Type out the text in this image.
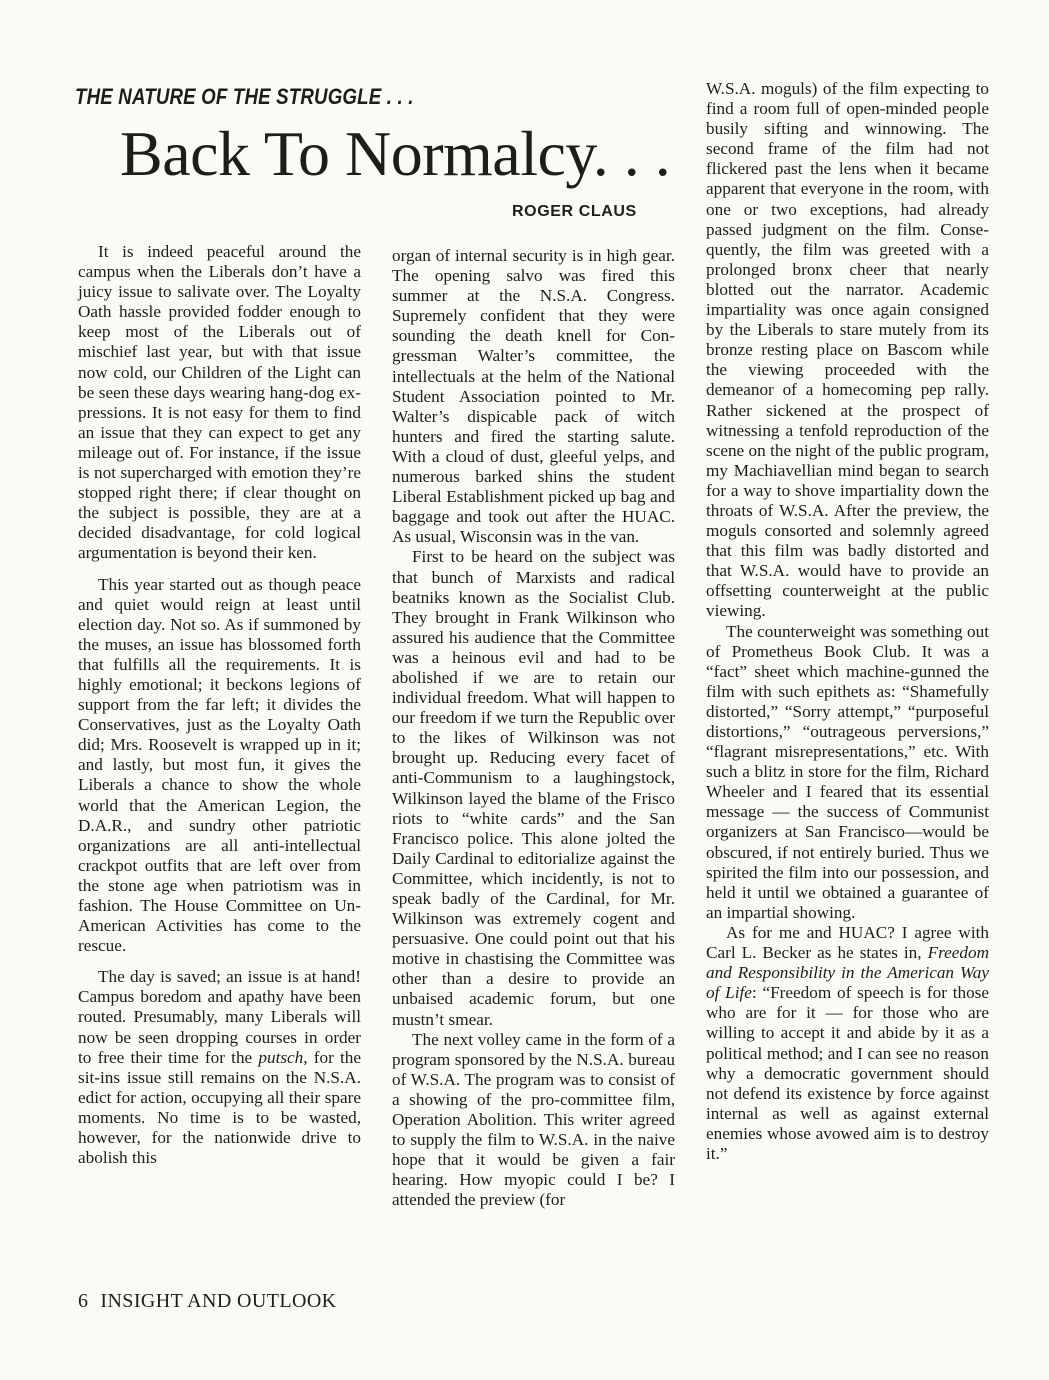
THE NATURE OF THE STRUGGLE . . .
Back To Normalcy. . .
ROGER CLAUS

It is indeed peaceful around the campus when the Liberals don’t have a juicy issue to salivate over. The Loyalty Oath hassle provided fodder enough to keep most of the Liberals out of mischief last year, but with that issue now cold, our Children of the Light can be seen these days wearing hang-dog expressions. It is not easy for them to find an issue that they can expect to get any mileage out of. For instance, if the issue is not supercharged with emotion they’re stopped right there; if clear thought on the subject is possible, they are at a decided disadvantage, for cold logical argumentation is beyond their ken.

This year started out as though peace and quiet would reign at least until election day. Not so. As if summoned by the muses, an issue has blossomed forth that fulfills all the requirements. It is highly emotional; it beckons legions of support from the far left; it divides the Conservatives, just as the Loyalty Oath did; Mrs. Roosevelt is wrapped up in it; and lastly, but most fun, it gives the Liberals a chance to show the whole world that the American Legion, the D.A.R., and sundry other patriotic organizations are all anti-intellectual crackpot outfits that are left over from the stone age when patriotism was in fashion. The House Committee on Un-American Activities has come to the rescue.

The day is saved; an issue is at hand! Campus boredom and apathy have been routed. Presumably, many Liberals will now be seen dropping courses in order to free their time for the putsch, for the sit-ins issue still remains on the N.S.A. edict for action, occupying all their spare moments. No time is to be wasted, however, for the nationwide drive to abolish this

organ of internal security is in high gear. The opening salvo was fired this summer at the N.S.A. Congress. Supremely confident that they were sounding the death knell for Congressman Walter’s committee, the intellectuals at the helm of the National Student Association pointed to Mr. Walter’s dispicable pack of witch hunters and fired the starting salute. With a cloud of dust, gleeful yelps, and numerous barked shins the student Liberal Establishment picked up bag and baggage and took out after the HUAC. As usual, Wisconsin was in the van.

First to be heard on the subject was that bunch of Marxists and radical beatniks known as the Socialist Club. They brought in Frank Wilkinson who assured his audience that the Committee was a heinous evil and had to be abolished if we are to retain our individual freedom. What will happen to our freedom if we turn the Republic over to the likes of Wilkinson was not brought up. Reducing every facet of anti-Communism to a laughingstock, Wilkinson layed the blame of the Frisco riots to “white cards” and the San Francisco police. This alone jolted the Daily Cardinal to editorialize against the Committee, which incidently, is not to speak badly of the Cardinal, for Mr. Wilkinson was extremely cogent and persuasive. One could point out that his motive in chastising the Committee was other than a desire to provide an unbaised academic forum, but one mustn’t smear.

The next volley came in the form of a program sponsored by the N.S.A. bureau of W.S.A. The program was to consist of a showing of the pro-committee film, Operation Abolition. This writer agreed to supply the film to W.S.A. in the naive hope that it would be given a fair hearing. How myopic could I be? I attended the preview (for

W.S.A. moguls) of the film expecting to find a room full of open-minded people busily sifting and winnowing. The second frame of the film had not flickered past the lens when it became apparent that everyone in the room, with one or two exceptions, had already passed judgment on the film. Consequently, the film was greeted with a prolonged bronx cheer that nearly blotted out the narrator. Academic impartiality was once again consigned by the Liberals to stare mutely from its bronze resting place on Bascom while the viewing proceeded with the demeanor of a homecoming pep rally. Rather sickened at the prospect of witnessing a tenfold reproduction of the scene on the night of the public program, my Machiavellian mind began to search for a way to shove impartiality down the throats of W.S.A. After the preview, the moguls consorted and solemnly agreed that this film was badly distorted and that W.S.A. would have to provide an offsetting counterweight at the public viewing.

The counterweight was something out of Prometheus Book Club. It was a “fact” sheet which machine-gunned the film with such epithets as: “Shamefully distorted,” “Sorry attempt,” “purposeful distortions,” “outrageous perversions,” “flagrant misrepresentations,” etc. With such a blitz in store for the film, Richard Wheeler and I feared that its essential message — the success of Communist organizers at San Francisco—would be obscured, if not entirely buried. Thus we spirited the film into our possession, and held it until we obtained a guarantee of an impartial showing.

As for me and HUAC? I agree with Carl L. Becker as he states in, Freedom and Responsibility in the American Way of Life: “Freedom of speech is for those who are for it — for those who are willing to accept it and abide by it as a political method; and I can see no reason why a democratic government should not defend its existence by force against internal as well as against external enemies whose avowed aim is to destroy it.”

6 INSIGHT AND OUTLOOK
